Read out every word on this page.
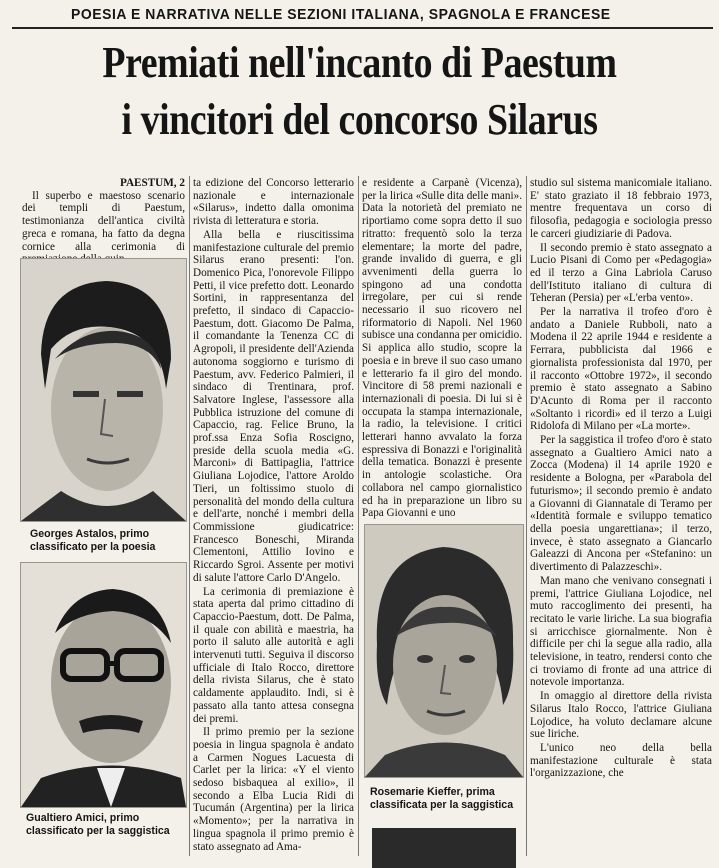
POESIA E NARRATIVA NELLE SEZIONI ITALIANA, SPAGNOLA E FRANCESE
Premiati nell'incanto di Paestum
i vincitori del concorso Silarus
PAESTUM, 2

Il superbo e maestoso scenario dei templi di Paestum, testimonianza dell'antica civiltà greca e romana, ha fatto da degna cornice alla cerimonia di

Georges Astalos, primo classificato per la poesia
Gualtiero Amici, primo classificato per la saggistica

ta edizione del Concorso letterario nazionale e internazionale «Silarus», indetto dalla omonima rivista di letteratura e storia.

Alla bella e riuscitissima manifestazione culturale del premio Silarus erano presenti: l'on. Domenico Pica, l'onorevole Filippo Petti, il vice prefetto dott. Leonardo Sortini, in rappresentanza del prefetto, il sindaco di Capaccio-Paestum, dott. Giacomo De Palma, il comandante la Tenenza CC di Agropoli, il presidente dell'Azienda autonoma soggiorno e turismo di Paestum, avv. Federico Palmieri, il sindaco di Trentinara, prof. Salvatore Inglese, l'assessore alla Pubblica istruzione del comune di Capaccio, rag. Felice Bruno, la prof.ssa Enza Sofia Roscigno, preside della scuola media «G. Marconi» di Battipaglia, l'attrice Giuliana Lojodice, l'attore Aroldo Tieri, un foltissimo stuolo di personalità del mondo della cultura e dell'arte, nonché i membri della Commissione giudicatrice: Francesco Boneschi, Miranda Clementoni, Attilio Iovino e Riccardo Sgroi. Assente per motivi di salute l'attore Carlo D'Angelo.

La cerimonia di premiazione è stata aperta dal primo cittadino di Capaccio-Paestum, dott. De Palma, il quale con abilità e maestria, ha porto il saluto alle autorità e agli intervenuti tutti. Seguiva il discorso ufficiale di Italo Rocco, direttore della rivista Silarus, che è stato caldamente applaudito. Indi, si è passato alla tanto attesa consegna dei premi.

Il primo premio per la sezione poesia in lingua spagnola è andato a Carmen Nogues Lacuesta di Carlet per la lirica: «Y el viento sedoso bisbaquea al exilio», il secondo a Elba Lucia Ridi di Tucumán (Argentina) per la lirica «Momento»; per la narrativa in lingua spagnola il primo premio è stato assegnato ad Ama-

e residente a Carpanè (Vicenza), per la lirica «Sulle dita delle mani». Data la notorietà del premiato ne riportiamo come sopra detto il suo ritratto: frequentò solo la terza elementare; la morte del padre, grande invalido di guerra, e gli avvenimenti della guerra lo spingono ad una condotta irregolare, per cui si rende necessario il suo ricovero nel riformatorio di Napoli. Nel 1960 subisce una condanna per omicidio. Si applica allo studio, scopre la poesia e in breve il suo caso umano e letterario fa il giro del mondo. Vincitore di 58 premi nazionali e internazionali di poesia. Di lui si è occupata la stampa internazionale, la radio, la televisione. I critici letterari hanno avvalato la forza espressiva di Bonazzi e l'originalità della tematica. Bonazzi è presente in antologie scolastiche. Ora collabora nel campo giornalistico ed ha in preparazione un libro su Papa Giovanni e uno

Rosemarie Kieffer, prima classificata per la saggistica

studio sul sistema manicomiale italiano. E' stato graziato il 18 febbraio 1973, mentre frequentava un corso di filosofia, pedagogia e sociologia presso le carceri giudiziarie di Padova.

Il secondo premio è stato assegnato a Lucio Pisani di Como per «Pedagogia» ed il terzo a Gina Labriola Caruso dell'Istituto italiano di cultura di Teheran (Persia) per «L'erba vento».

Per la narrativa il trofeo d'oro è andato a Daniele Rubboli, nato a Modena il 22 aprile 1944 e residente a Ferrara, pubblicista dal 1966 e giornalista professionista dal 1970, per il racconto «Ottobre 1972», il secondo premio è stato assegnato a Sabino D'Acunto di Roma per il racconto «Soltanto i ricordi» ed il terzo a Luigi Ridolofa di Milano per «La morte».

Per la saggistica il trofeo d'oro è stato assegnato a Gualtiero Amici nato a Zocca (Modena) il 14 aprile 1920 e residente a Bologna, per «Parabola del futurismo»; il secondo premio è andato a Giovanni di Giannatale di Teramo per «Identità formale e sviluppo tematico della poesia ungarettiana»; il terzo, invece, è stato assegnato a Giancarlo Galeazzi di Ancona per «Stefanino: un divertimento di Palazzeschi».

Man mano che venivano consegnati i premi, l'attrice Giuliana Lojodice, nel muto raccoglimento dei presenti, ha recitato le varie liriche. La sua biografia si arricchisce giornalmente. Non è difficile per chi la segue alla radio, alla televisione, in teatro, rendersi conto che ci troviamo di fronte ad una attrice di notevole importanza.

In omaggio al direttore della rivista Silarus Italo Rocco, l'attrice Giuliana Lojodice, ha voluto declamare alcune sue liriche.

L'unico neo della bella manifestazione culturale è stata l'organizzazione, che
